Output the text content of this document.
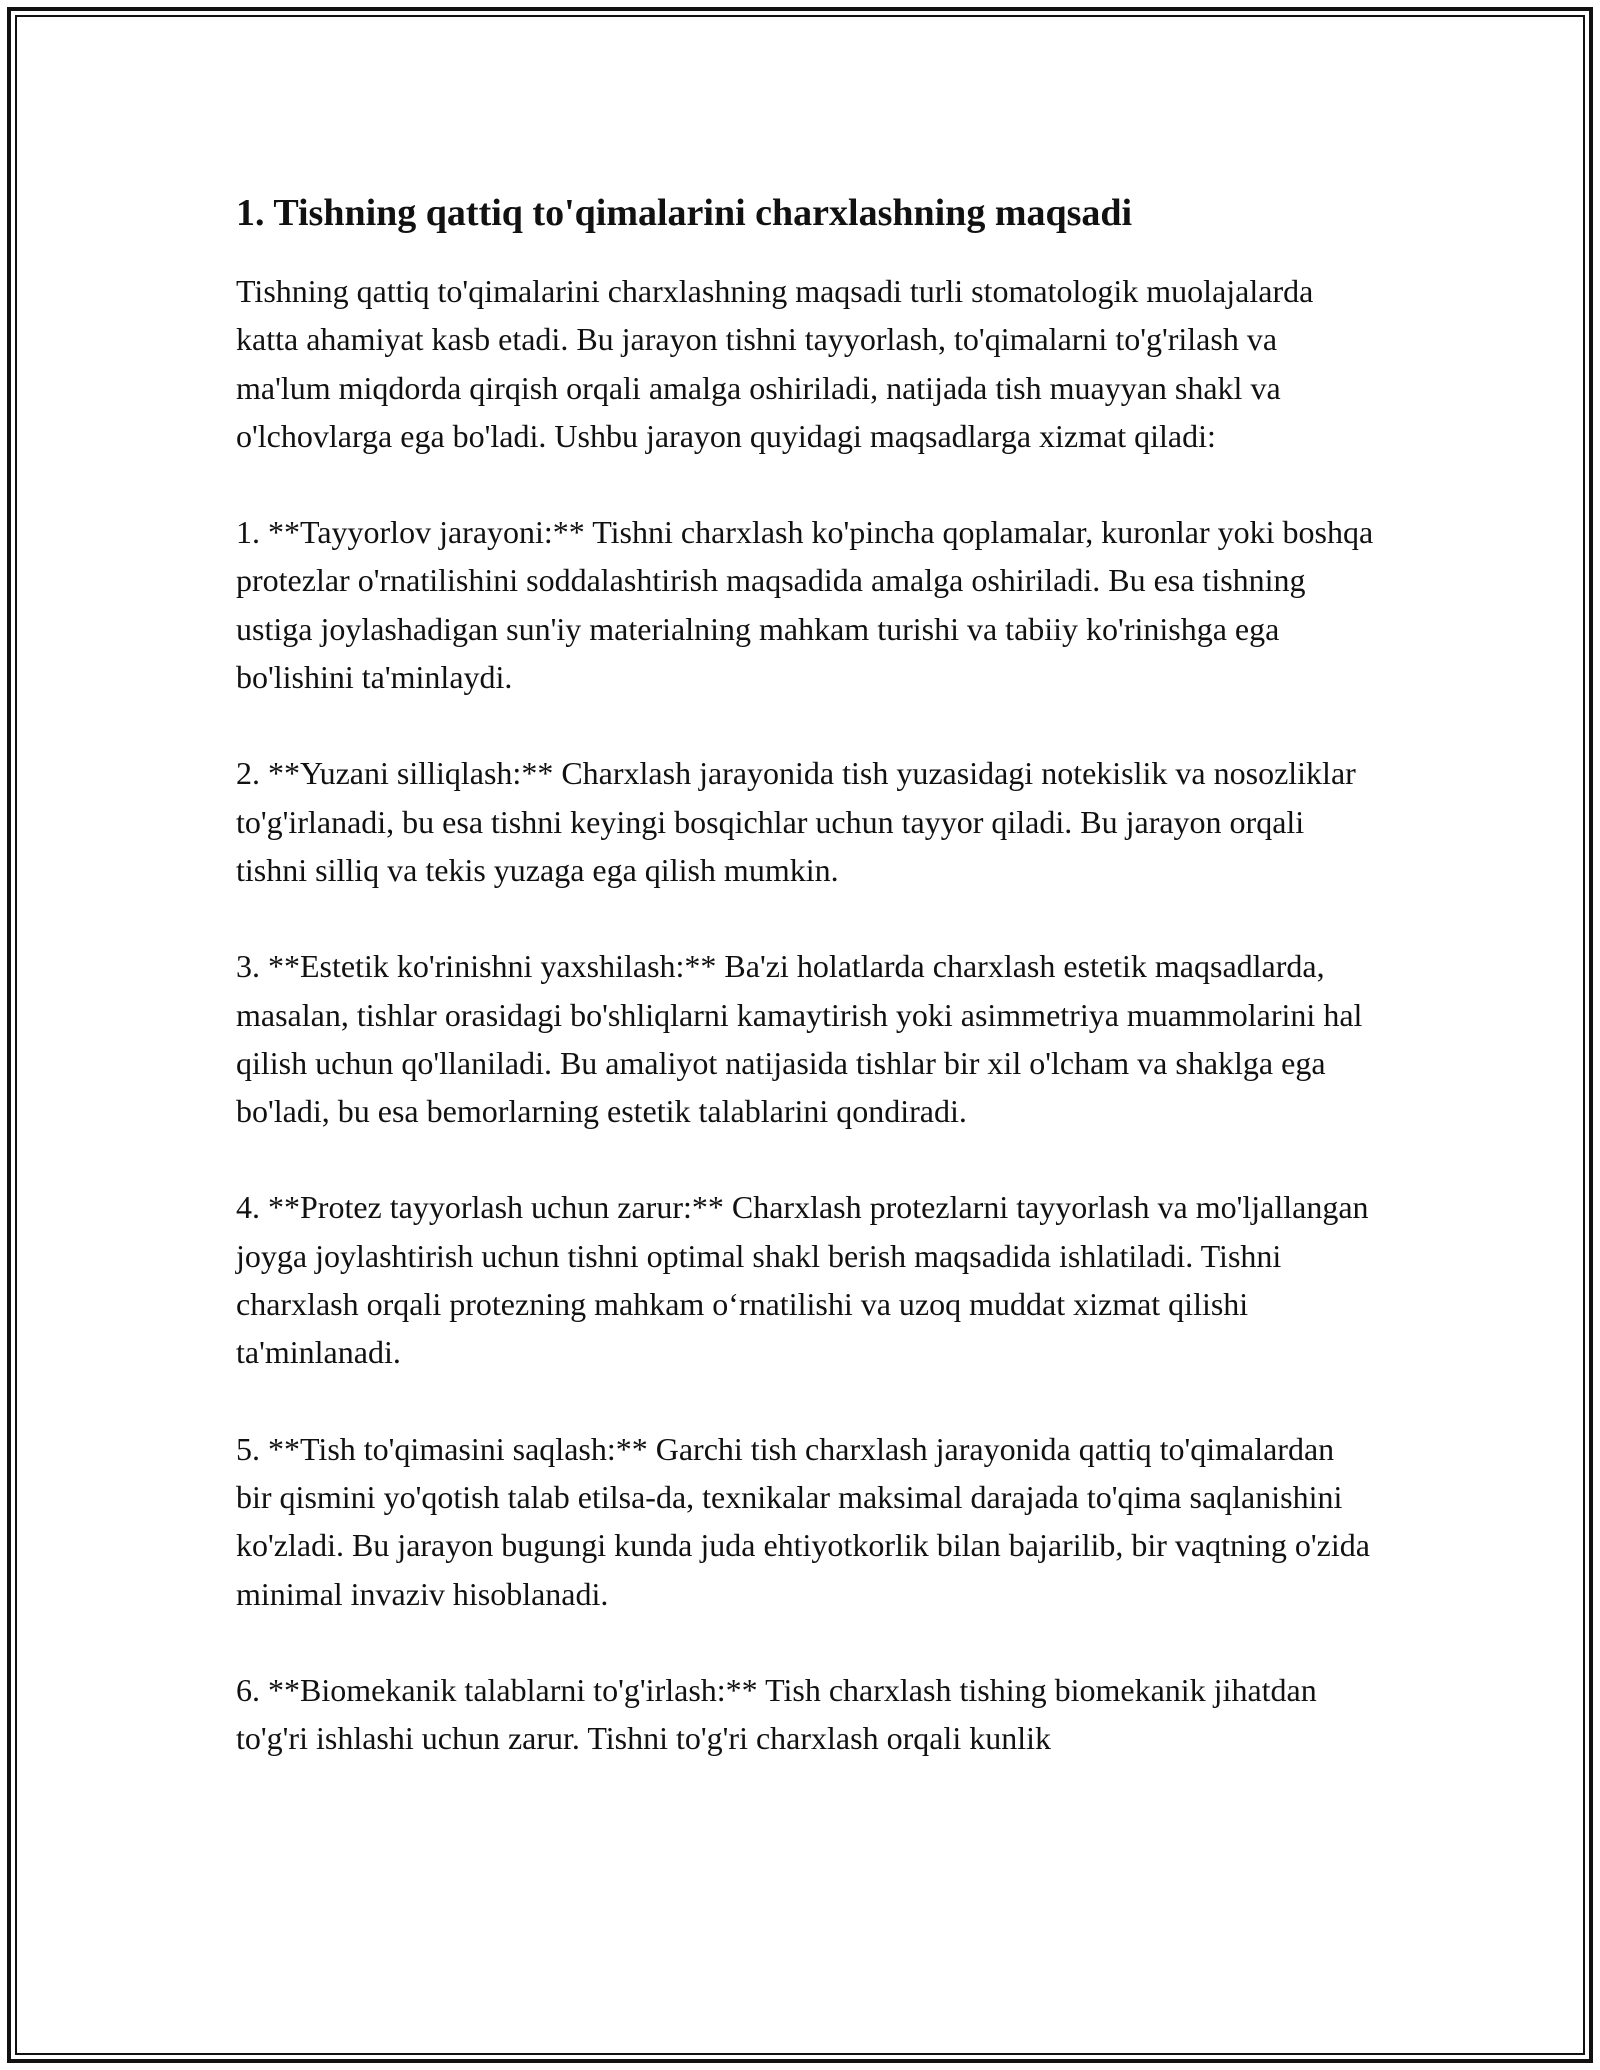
1. Tishning qattiq to'qimalarini charxlashning maqsadi

Tishning qattiq to'qimalarini charxlashning maqsadi turli stomatologik muolajalarda katta ahamiyat kasb etadi. Bu jarayon tishni tayyorlash, to'qimalarni to'g'rilash va ma'lum miqdorda qirqish orqali amalga oshiriladi, natijada tish muayyan shakl va o'lchovlarga ega bo'ladi. Ushbu jarayon quyidagi maqsadlarga xizmat qiladi:

1. **Tayyorlov jarayoni:** Tishni charxlash ko'pincha qoplamalar, kuronlar yoki boshqa protezlar o'rnatilishini soddalashtirish maqsadida amalga oshiriladi. Bu esa tishning ustiga joylashadigan sun'iy materialning mahkam turishi va tabiiy ko'rinishga ega bo'lishini ta'minlaydi.

2. **Yuzani silliqlash:** Charxlash jarayonida tish yuzasidagi notekislik va nosozliklar to'g'irlanadi, bu esa tishni keyingi bosqichlar uchun tayyor qiladi. Bu jarayon orqali tishni silliq va tekis yuzaga ega qilish mumkin.

3. **Estetik ko'rinishni yaxshilash:** Ba'zi holatlarda charxlash estetik maqsadlarda, masalan, tishlar orasidagi bo'shliqlarni kamaytirish yoki asimmetriya muammolarini hal qilish uchun qo'llaniladi. Bu amaliyot natijasida tishlar bir xil o'lcham va shaklga ega bo'ladi, bu esa bemorlarning estetik talablarini qondiradi.

4. **Protez tayyorlash uchun zarur:** Charxlash protezlarni tayyorlash va mo'ljallangan joyga joylashtirish uchun tishni optimal shakl berish maqsadida ishlatiladi. Tishni charxlash orqali protezning mahkam o‘rnatilishi va uzoq muddat xizmat qilishi ta'minlanadi.

5. **Tish to'qimasini saqlash:** Garchi tish charxlash jarayonida qattiq to'qimalardan bir qismini yo'qotish talab etilsa-da, texnikalar maksimal darajada to'qima saqlanishini ko'zladi. Bu jarayon bugungi kunda juda ehtiyotkorlik bilan bajarilib, bir vaqtning o'zida minimal invaziv hisoblanadi.

6. **Biomekanik talablarni to'g'irlash:** Tish charxlash tishing biomekanik jihatdan to'g'ri ishlashi uchun zarur. Tishni to'g'ri charxlash orqali kunlik
